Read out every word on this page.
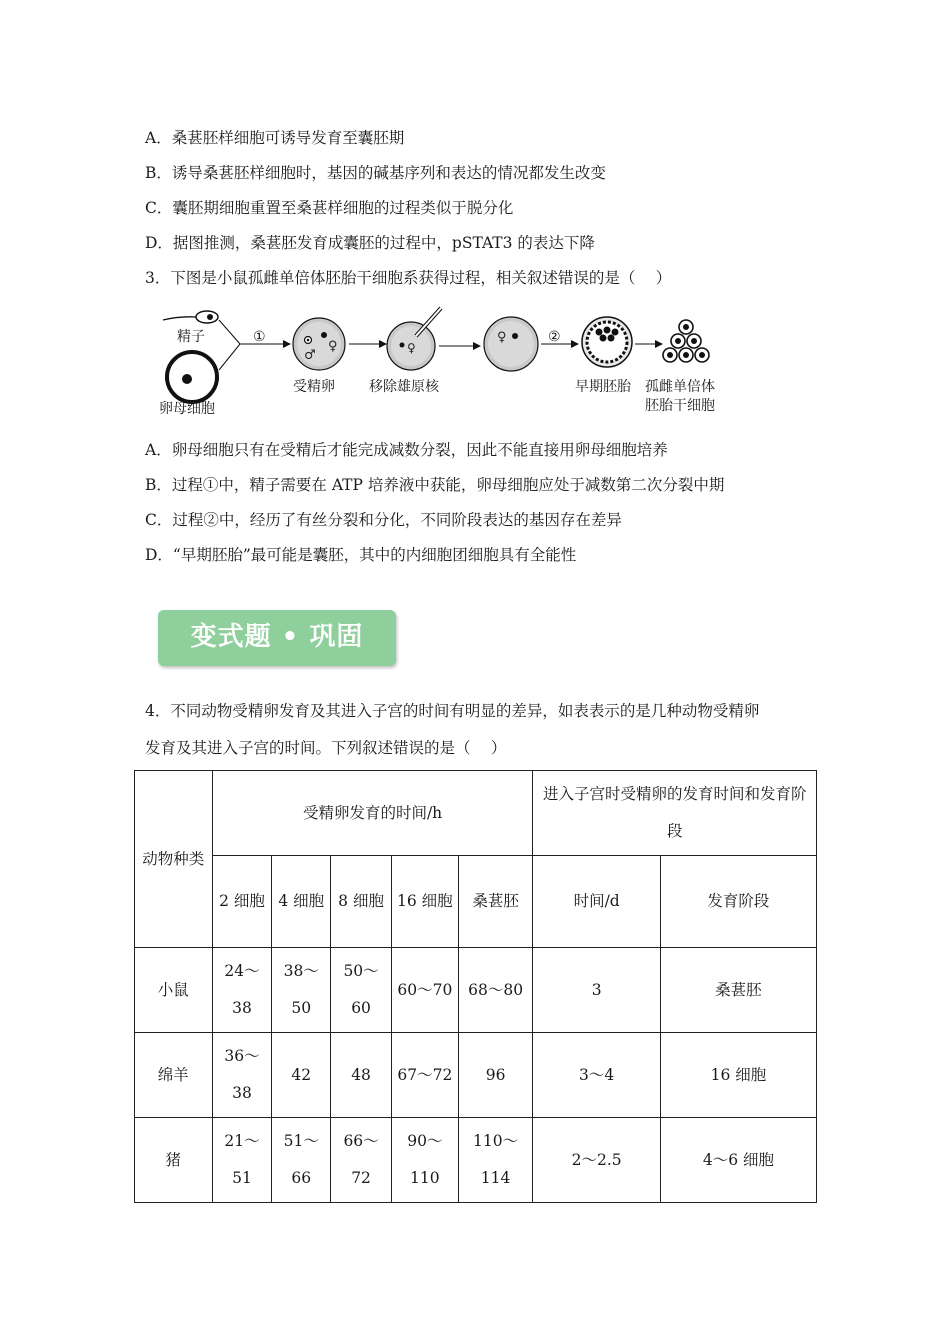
A．桑葚胚样细胞可诱导发育至囊胚期
B．诱导桑葚胚样细胞时，基因的碱基序列和表达的情况都发生改变
C．囊胚期细胞重置至桑葚样细胞的过程类似于脱分化
D．据图推测，桑葚胚发育成囊胚的过程中，pSTAT3 的表达下降
3．下图是小鼠孤雌单倍体胚胎干细胞系获得过程，相关叙述错误的是（　 ）
精子
卵母细胞
①
♂
♀
受精卵
♀
移除雄原核
♀	②
早期胚胎 孤雌单倍体
胚胎干细胞
A．卵母细胞只有在受精后才能完成减数分裂，因此不能直接用卵母细胞培养
B．过程①中，精子需要在 ATP 培养液中获能，卵母细胞应处于减数第二次分裂中期
C．过程②中，经历了有丝分裂和分化，不同阶段表达的基因存在差异
D．“早期胚胎”最可能是囊胚，其中的内细胞团细胞具有全能性
变式题 • 巩固
4．不同动物受精卵发育及其进入子宫的时间有明显的差异，如表表示的是几种动物受精卵
发育及其进入子宫的时间。下列叙述错误的是（　 ）
动物种类	受精卵发育的时间/h					进入子宫时受精卵的发育时间和发育阶段	
	2 细胞	4 细胞	8 细胞	16 细胞	桑葚胚	时间/d	发育阶段
小鼠	24～38	38～50	50～60	60～70	68～80	3	桑葚胚
绵羊	36～38	42	48	67～72	96	3～4	16 细胞
猪	21～51	51～66	66～72	90～110	110～114	2～2.5	4～6 细胞
